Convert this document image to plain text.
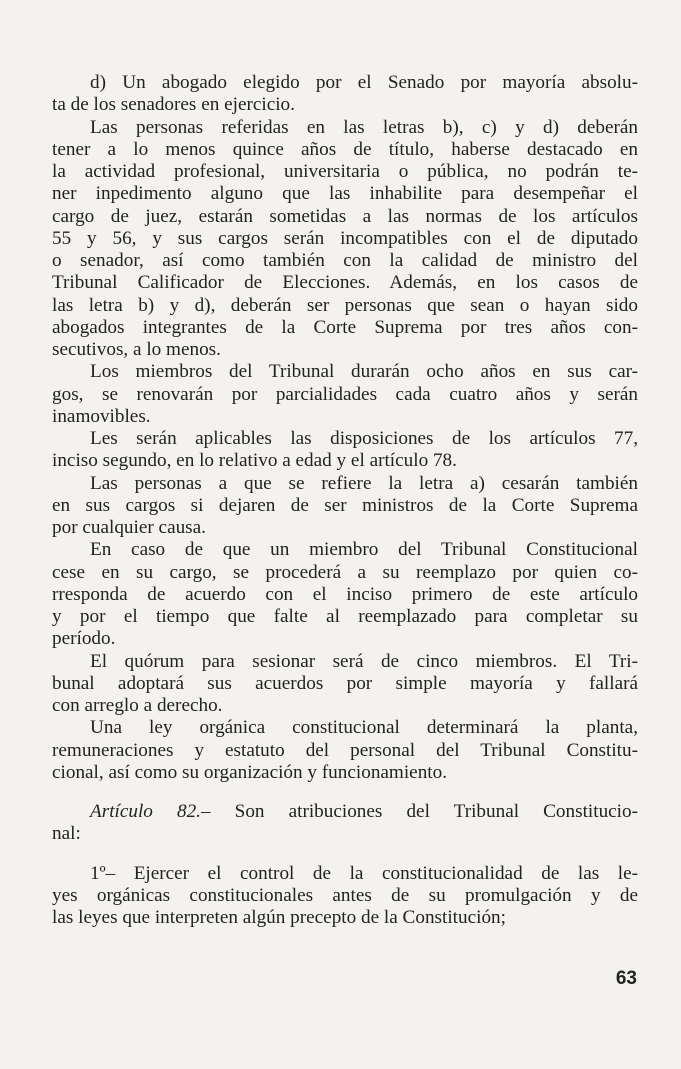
d) Un abogado elegido por el Senado por mayoría absolu-
ta de los senadores en ejercicio.
Las personas referidas en las letras b), c) y d) deberán
tener a lo menos quince años de título, haberse destacado en
la actividad profesional, universitaria o pública, no podrán te-
ner inpedimento alguno que las inhabilite para desempeñar el
cargo de juez, estarán sometidas a las normas de los artículos
55 y 56, y sus cargos serán incompatibles con el de diputado
o senador, así como también con la calidad de ministro del
Tribunal Calificador de Elecciones. Además, en los casos de
las letra b) y d), deberán ser personas que sean o hayan sido
abogados integrantes de la Corte Suprema por tres años con-
secutivos, a lo menos.
Los miembros del Tribunal durarán ocho años en sus car-
gos, se renovarán por parcialidades cada cuatro años y serán
inamovibles.
Les serán aplicables las disposiciones de los artículos 77,
inciso segundo, en lo relativo a edad y el artículo 78.
Las personas a que se refiere la letra a) cesarán también
en sus cargos si dejaren de ser ministros de la Corte Suprema
por cualquier causa.
En caso de que un miembro del Tribunal Constitucional
cese en su cargo, se procederá a su reemplazo por quien co-
rresponda de acuerdo con el inciso primero de este artículo
y por el tiempo que falte al reemplazado para completar su
período.
El quórum para sesionar será de cinco miembros. El Tri-
bunal adoptará sus acuerdos por simple mayoría y fallará
con arreglo a derecho.
Una ley orgánica constitucional determinará la planta,
remuneraciones y estatuto del personal del Tribunal Constitu-
cional, así como su organización y funcionamiento.
Artículo 82.– Son atribuciones del Tribunal Constitucio-
nal:
1º– Ejercer el control de la constitucionalidad de las le-
yes orgánicas constitucionales antes de su promulgación y de
las leyes que interpreten algún precepto de la Constitución;
63
